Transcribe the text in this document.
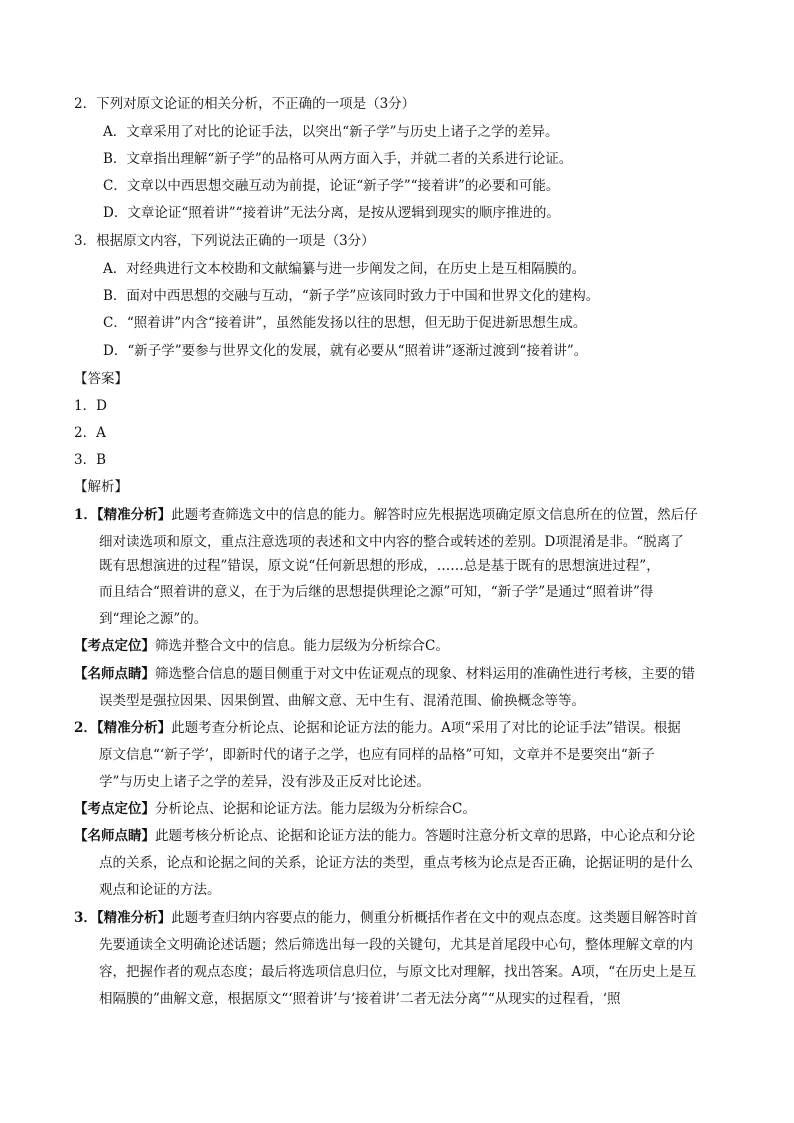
2．下列对原文论证的相关分析，不正确的一项是（3分）
A．文章采用了对比的论证手法，以突出“新子学”与历史上诸子之学的差异。
B．文章指出理解“新子学”的品格可从两方面入手，并就二者的关系进行论证。
C．文章以中西思想交融互动为前提，论证“新子学”“接着讲”的必要和可能。
D．文章论证“照着讲”“接着讲”无法分离，是按从逻辑到现实的顺序推进的。
3．根据原文内容，下列说法正确的一项是（3分）
A．对经典进行文本校勘和文献编纂与进一步阐发之间，在历史上是互相隔膜的。
B．面对中西思想的交融与互动，“新子学”应该同时致力于中国和世界文化的建构。
C．“照着讲”内含“接着讲”，虽然能发扬以往的思想，但无助于促进新思想生成。
D．“新子学”要参与世界文化的发展，就有必要从“照着讲”逐渐过渡到“接着讲”。
【答案】
1．D
2．A
3．B
【解析】
1．【精准分析】此题考查筛选文中的信息的能力。解答时应先根据选项确定原文信息所在的位置，然后仔
细对读选项和原文，重点注意选项的表述和文中内容的整合或转述的差别。D项混淆是非。“脱离了
既有思想演进的过程”错误，原文说“任何新思想的形成，……总是基于既有的思想演进过程”，
而且结合“照着讲的意义，在于为后继的思想提供理论之源”可知，“新子学”是通过“照着讲”得
到“理论之源”的。
【考点定位】筛选并整合文中的信息。能力层级为分析综合C。
【名师点睛】筛选整合信息的题目侧重于对文中佐证观点的现象、材料运用的准确性进行考核，主要的错
误类型是强拉因果、因果倒置、曲解文意、无中生有、混淆范围、偷换概念等等。
2．【精准分析】此题考查分析论点、论据和论证方法的能力。A项“采用了对比的论证手法”错误。根据
原文信息“‘新子学’，即新时代的诸子之学，也应有同样的品格”可知，文章并不是要突出“新子
学”与历史上诸子之学的差异，没有涉及正反对比论述。
【考点定位】分析论点、论据和论证方法。能力层级为分析综合C。
【名师点睛】此题考核分析论点、论据和论证方法的能力。答题时注意分析文章的思路，中心论点和分论
点的关系，论点和论据之间的关系，论证方法的类型，重点考核为论点是否正确，论据证明的是什么
观点和论证的方法。
3．【精准分析】此题考查归纳内容要点的能力，侧重分析概括作者在文中的观点态度。这类题目解答时首
先要通读全文明确论述话题；然后筛选出每一段的关键句，尤其是首尾段中心句，整体理解文章的内
容，把握作者的观点态度；最后将选项信息归位，与原文比对理解，找出答案。A项，“在历史上是互
相隔膜的”曲解文意，根据原文“‘照着讲’与‘接着讲’二者无法分离”“从现实的过程看，‘照
